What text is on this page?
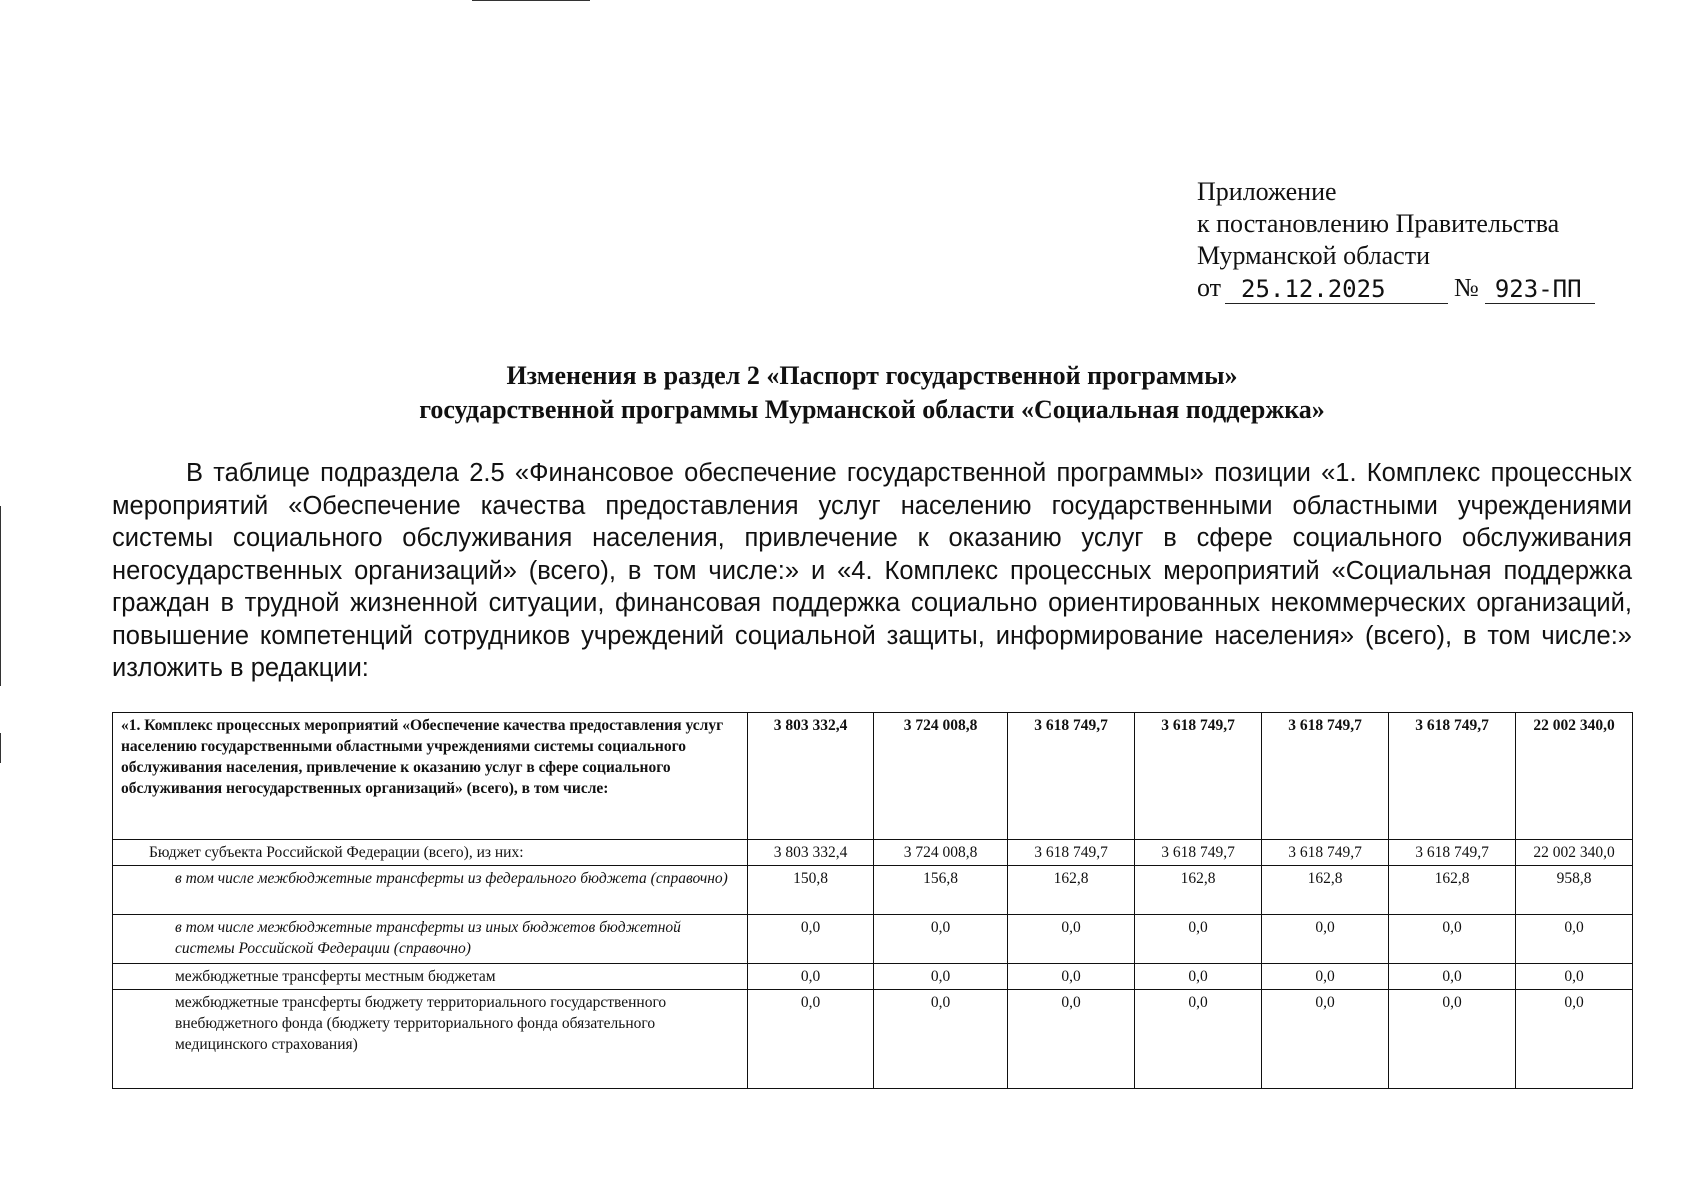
Приложение
к постановлению Правительства
Мурманской области
от 25.12.2025	№ 923-ПП
Изменения в раздел 2 «Паспорт государственной программы»
государственной программы Мурманской области «Социальная поддержка»

В таблице подраздела 2.5 «Финансовое обеспечение государственной программы» позиции «1. Комплекс процессных мероприятий «Обеспечение качества предоставления услуг населению государственными областными учреждениями системы социального обслуживания населения, привлечение к оказанию услуг в сфере социального обслуживания негосударственных организаций» (всего), в том числе:» и «4. Комплекс процессных мероприятий «Социальная поддержка граждан в трудной жизненной ситуации, финансовая поддержка социально ориентированных некоммерческих организаций, повышение компетенций сотрудников учреждений социальной защиты, информирование населения» (всего), в том числе:» изложить в редакции:

«1. Комплекс процессных мероприятий «Обеспечение качества предоставления услуг населению государственными областными учреждениями системы социального обслуживания населения, привлечение к оказанию услуг в сфере социального обслуживания негосударственных организаций» (всего), в том числе:	3 803 332,4	3 724 008,8	3 618 749,7	3 618 749,7	3 618 749,7	3 618 749,7	22 002 340,0
Бюджет субъекта Российской Федерации (всего), из них:	3 803 332,4	3 724 008,8	3 618 749,7	3 618 749,7	3 618 749,7	3 618 749,7	22 002 340,0
в том числе межбюджетные трансферты из федерального бюджета (справочно)	150,8	156,8	162,8	162,8	162,8	162,8	958,8
в том числе межбюджетные трансферты из иных бюджетов бюджетной системы Российской Федерации (справочно)	0,0	0,0	0,0	0,0	0,0	0,0	0,0
межбюджетные трансферты местным бюджетам	0,0	0,0	0,0	0,0	0,0	0,0	0,0
межбюджетные трансферты бюджету территориального государственного внебюджетного фонда (бюджету территориального фонда обязательного медицинского страхования)	0,0	0,0	0,0	0,0	0,0	0,0	0,0
